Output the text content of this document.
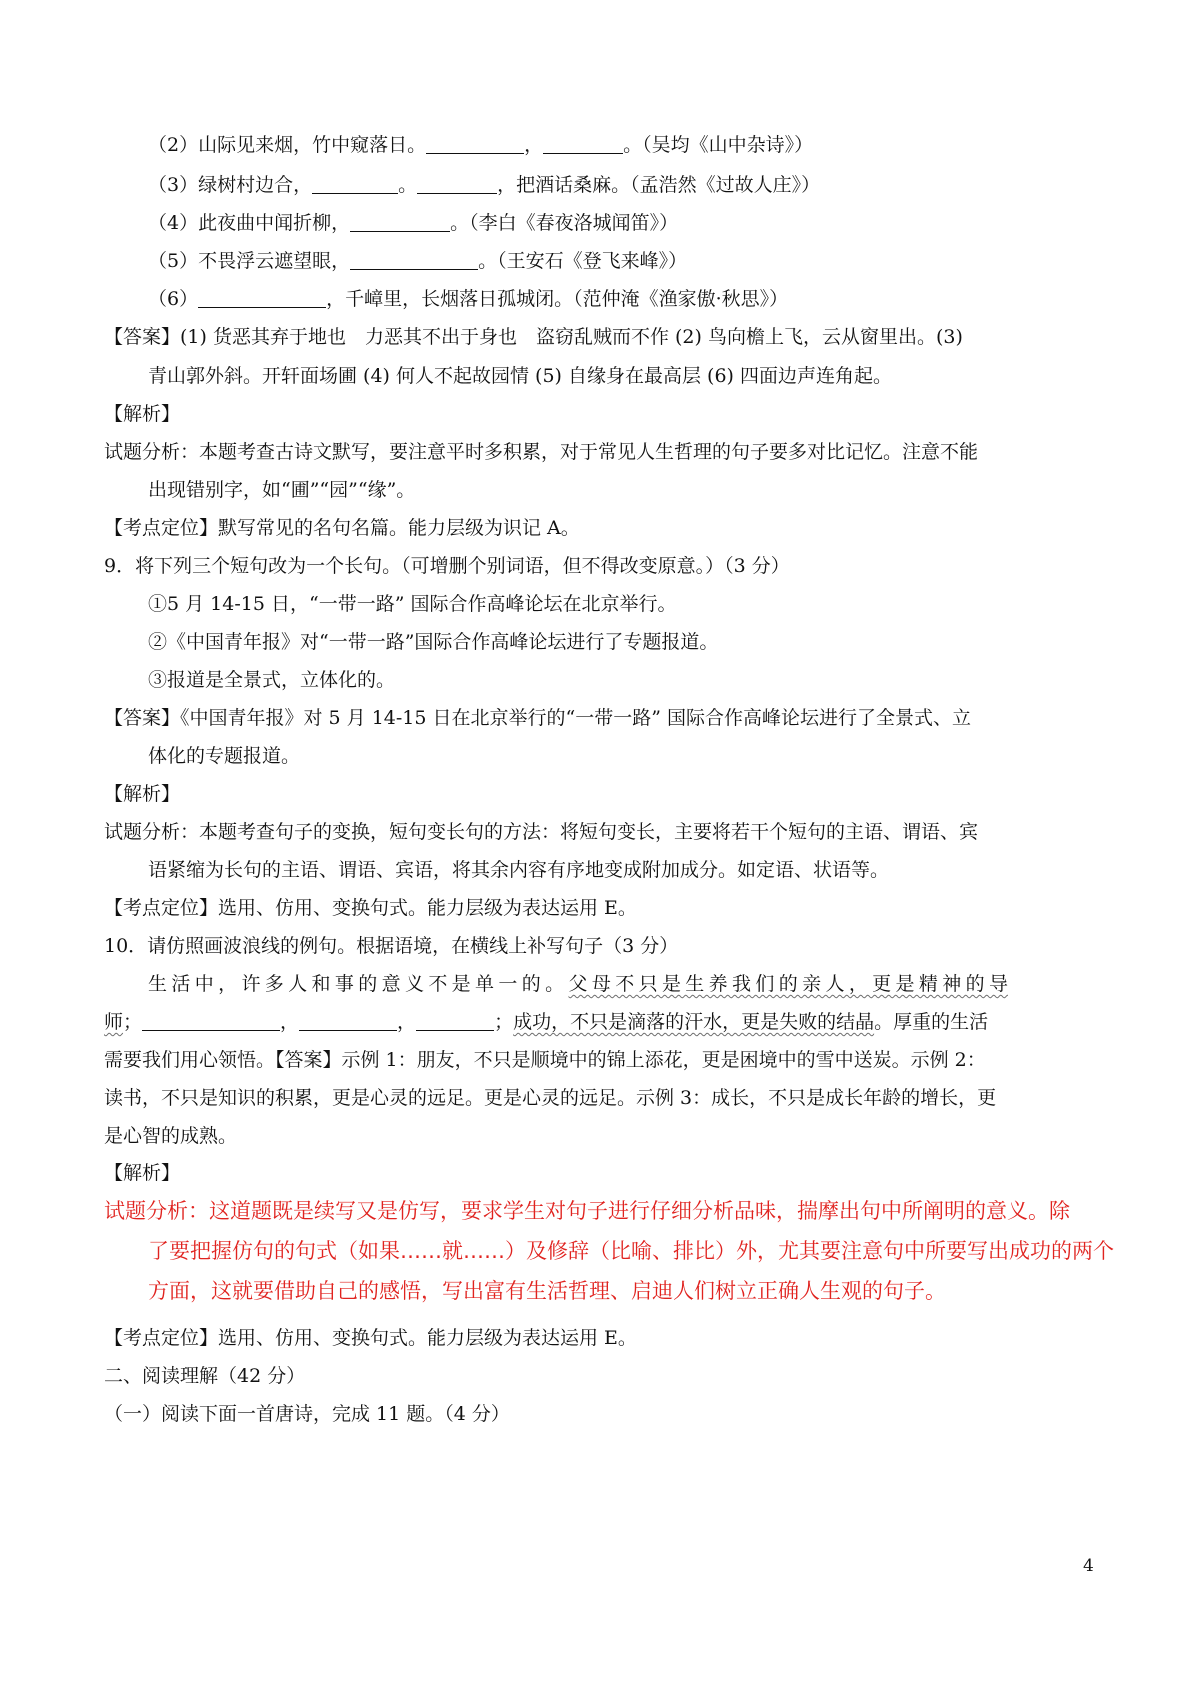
（2）山际见来烟，竹中窥落日。	，	。（吴均《山中杂诗》）
（3）绿树村边合，	。	，把酒话桑麻。（孟浩然《过故人庄》）
（4）此夜曲中闻折柳，	。（李白《春夜洛城闻笛》）
（5）不畏浮云遮望眼，	。（王安石《登飞来峰》）
（6）	，千嶂里，长烟落日孤城闭。（范仲淹《渔家傲·秋思》）
【答案】(1) 货恶其弃于地也　力恶其不出于身也　盗窃乱贼而不作 (2) 鸟向檐上飞，云从窗里出。(3)
青山郭外斜。开轩面场圃 (4) 何人不起故园情 (5) 自缘身在最高层 (6) 四面边声连角起。
【解析】
试题分析：本题考查古诗文默写，要注意平时多积累，对于常见人生哲理的句子要多对比记忆。注意不能
出现错别字，如“圃”“园”“缘”。
【考点定位】默写常见的名句名篇。能力层级为识记 A。
9．将下列三个短句改为一个长句。（可增删个别词语，但不得改变原意。）（3 分）
①5 月 14-15 日，“一带一路” 国际合作高峰论坛在北京举行。
②《中国青年报》对“一带一路”国际合作高峰论坛进行了专题报道。
③报道是全景式，立体化的。
【答案】《中国青年报》对 5 月 14-15 日在北京举行的“一带一路” 国际合作高峰论坛进行了全景式、立
体化的专题报道。
【解析】
试题分析：本题考查句子的变换，短句变长句的方法：将短句变长，主要将若干个短句的主语、谓语、宾
语紧缩为长句的主语、谓语、宾语，将其余内容有序地变成附加成分。如定语、状语等。
【考点定位】选用、仿用、变换句式。能力层级为表达运用 E。
10．请仿照画波浪线的例句。根据语境，在横线上补写句子（3 分）
生活中，许多人和事的意义不是单一的。父母不只是生养我们的亲人，更是精神的导
师；	，	，	；成功，不只是滴落的汗水，更是失败的结晶。厚重的生活
需要我们用心领悟。【答案】示例 1：朋友，不只是顺境中的锦上添花，更是困境中的雪中送炭。示例 2：
读书，不只是知识的积累，更是心灵的远足。更是心灵的远足。示例 3：成长，不只是成长年龄的增长，更
是心智的成熟。
【解析】
试题分析：这道题既是续写又是仿写，要求学生对句子进行仔细分析品味，揣摩出句中所阐明的意义。除
了要把握仿句的句式（如果……就……）及修辞（比喻、排比）外，尤其要注意句中所要写出成功的两个
方面，这就要借助自己的感悟，写出富有生活哲理、启迪人们树立正确人生观的句子。
【考点定位】选用、仿用、变换句式。能力层级为表达运用 E。
二、阅读理解（42 分）
（一）阅读下面一首唐诗，完成 11 题。（4 分）
4
